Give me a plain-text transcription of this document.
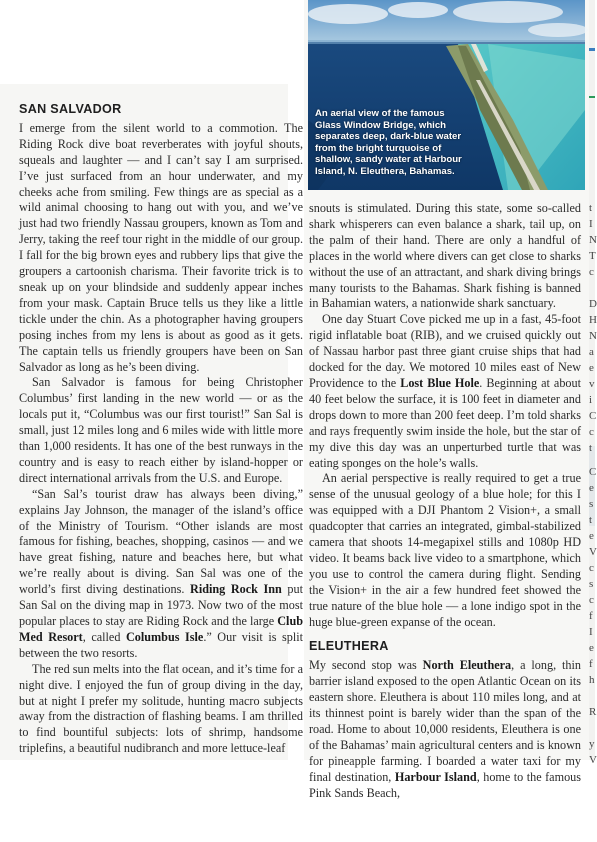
SAN SALVADOR

I emerge from the silent world to a commotion. The Riding Rock dive boat reverberates with joyful shouts, squeals and laughter — and I can’t say I am surprised. I’ve just surfaced from an hour underwater, and my cheeks ache from smiling. Few things are as special as a wild animal choosing to hang out with you, and we’ve just had two friendly Nassau groupers, known as Tom and Jerry, taking the reef tour right in the middle of our group. I fall for the big brown eyes and rubbery lips that give the groupers a cartoonish charisma. Their favorite trick is to sneak up on your blindside and suddenly appear inches from your mask. Captain Bruce tells us they like a little tickle under the chin. As a photographer having groupers posing inches from my lens is about as good as it gets. The captain tells us friendly groupers have been on San Salvador as long as he’s been diving.

San Salvador is famous for being Christopher Columbus’ first landing in the new world — or as the locals put it, “Columbus was our first tourist!” San Sal is small, just 12 miles long and 6 miles wide with little more than 1,000 residents. It has one of the best runways in the country and is easy to reach either by island-hopper or direct international arrivals from the U.S. and Europe.

“San Sal’s tourist draw has always been diving,” explains Jay Johnson, the manager of the island’s office of the Ministry of Tourism. “Other islands are most famous for fishing, beaches, shopping, casinos — and we have great fishing, nature and beaches here, but what we’re really about is diving. San Sal was one of the world’s first diving destinations. Riding Rock Inn put San Sal on the diving map in 1973. Now two of the most popular places to stay are Riding Rock and the large Club Med Resort, called Columbus Isle.” Our visit is split between the two resorts.

The red sun melts into the flat ocean, and it’s time for a night dive. I enjoyed the fun of group diving in the day, but at night I prefer my solitude, hunting macro subjects away from the distraction of flashing beams. I am thrilled to find bountiful subjects: lots of shrimp, handsome triplefins, a beautiful nudibranch and more lettuce-leaf

An aerial view of the famous Glass Window Bridge, which separates deep, dark-blue water from the bright turquoise of shallow, sandy water at Harbour Island, N. Eleuthera, Bahamas.

snouts is stimulated. During this state, some so-called shark whisperers can even balance a shark, tail up, on the palm of their hand. There are only a handful of places in the world where divers can get close to sharks without the use of an attractant, and shark diving brings many tourists to the Bahamas. Shark fishing is banned in Bahamian waters, a nationwide shark sanctuary.

One day Stuart Cove picked me up in a fast, 45-foot rigid inflatable boat (RIB), and we cruised quickly out of Nassau harbor past three giant cruise ships that had docked for the day. We motored 10 miles east of New Providence to the Lost Blue Hole. Beginning at about 40 feet below the surface, it is 100 feet in diameter and drops down to more than 200 feet deep. I’m told sharks and rays frequently swim inside the hole, but the star of my dive this day was an unperturbed turtle that was eating sponges on the hole’s walls.

An aerial perspective is really required to get a true sense of the unusual geology of a blue hole; for this I was equipped with a DJI Phantom 2 Vision+, a small quadcopter that carries an integrated, gimbal-stabilized camera that shoots 14-megapixel stills and 1080p HD video. It beams back live video to a smartphone, which you use to control the camera during flight. Sending the Vision+ in the air a few hundred feet showed the true nature of the blue hole — a lone indigo spot in the huge blue-green expanse of the ocean.

ELEUTHERA

My second stop was North Eleuthera, a long, thin barrier island exposed to the open Atlantic Ocean on its eastern shore. Eleuthera is about 110 miles long, and at its thinnest point is barely wider than the span of the road. Home to about 10,000 residents, Eleuthera is one of the Bahamas’ main agricultural centers and is known for pineapple farming. I boarded a water taxi for my final destination, Harbour Island, home to the famous Pink Sands Beach,

t
I
N
T
c
D
H
N
a
e
v
i
C
c
t
C
e
s
t
e
V
c
s
c
f
I
e
f
h
R
y
V
